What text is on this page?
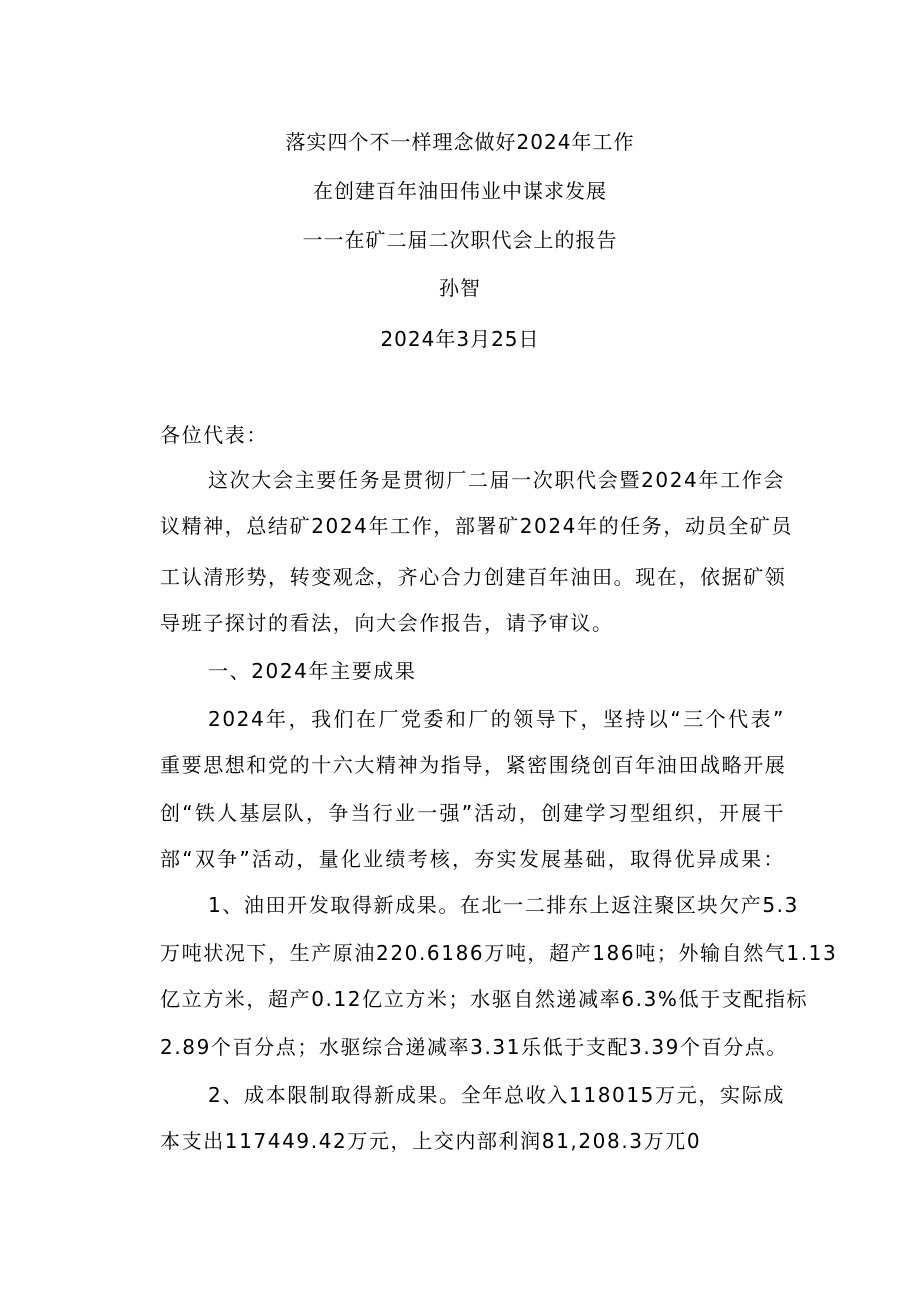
落实四个不一样理念做好2024年工作
在创建百年油田伟业中谋求发展
一一在矿二届二次职代会上的报告
孙智
2024年3月25日
各位代表：
这次大会主要任务是贯彻厂二届一次职代会暨2024年工作会
议精神，总结矿2024年工作，部署矿2024年的任务，动员全矿员
工认清形势，转变观念，齐心合力创建百年油田。现在，依据矿领
导班子探讨的看法，向大会作报告，请予审议。
一、2024年主要成果
2024年，我们在厂党委和厂的领导下，坚持以“三个代表”
重要思想和党的十六大精神为指导，紧密围绕创百年油田战略开展
创“铁人基层队，争当行业一强”活动，创建学习型组织，开展干
部“双争”活动，量化业绩考核，夯实发展基础，取得优异成果：
1、油田开发取得新成果。在北一二排东上返注聚区块欠产5.3
万吨状况下，生产原油220.6186万吨，超产186吨；外输自然气1.13
亿立方米，超产0.12亿立方米；水驱自然递减率6.3%低于支配指标
2.89个百分点；水驱综合递减率3.31乐低于支配3.39个百分点。
2、成本限制取得新成果。全年总收入118015万元，实际成
本支出117449.42万元，上交内部利润81,208.3万兀0
